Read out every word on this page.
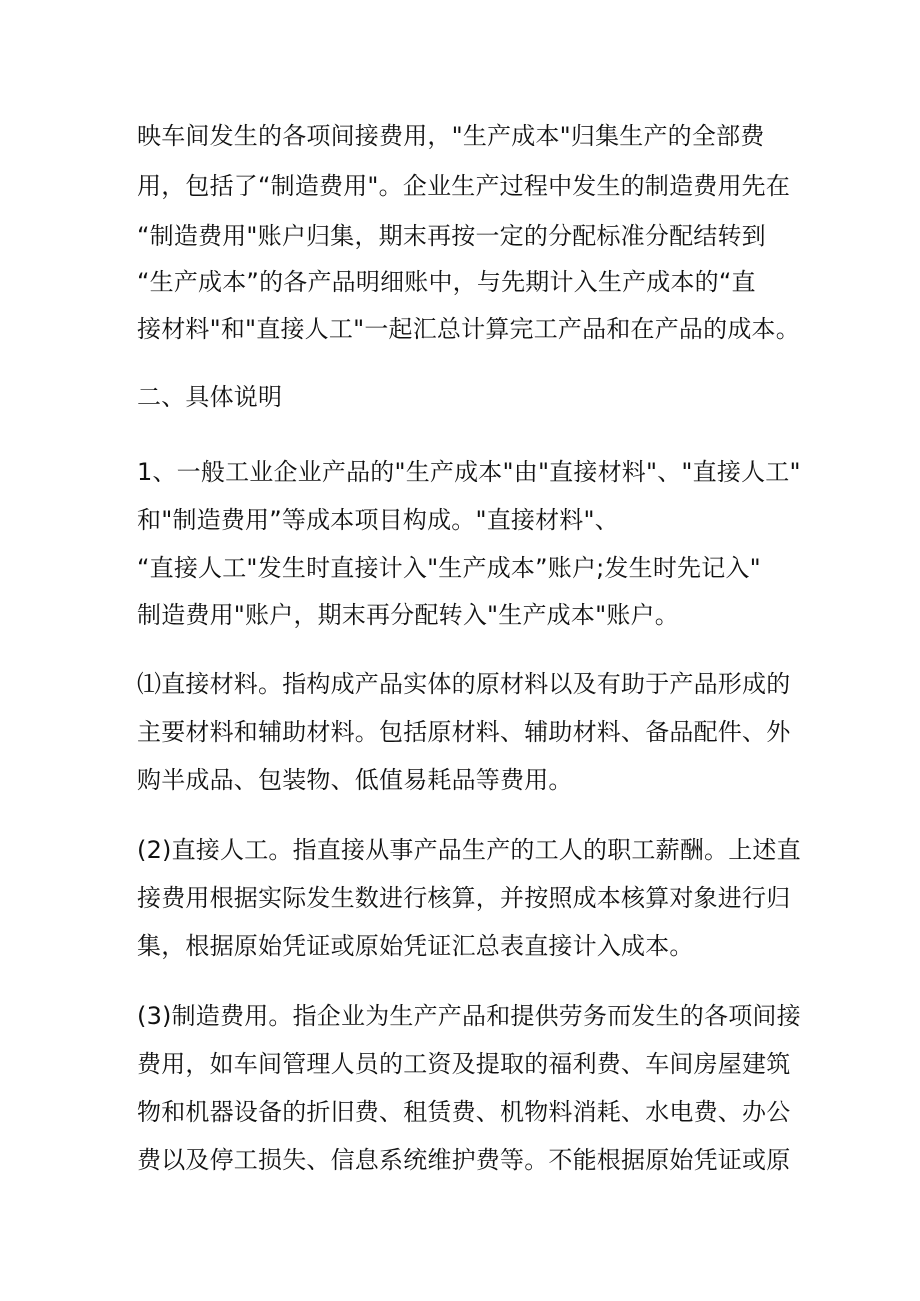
映车间发生的各项间接费用，"生产成本"归集生产的全部费

用，包括了“制造费用"。企业生产过程中发生的制造费用先在

“制造费用"账户归集，期末再按一定的分配标准分配结转到

“生产成本”的各产品明细账中，与先期计入生产成本的“直

接材料"和"直接人工"一起汇总计算完工产品和在产品的成本。

二、具体说明

1、一般工业企业产品的"生产成本"由"直接材料"、"直接人工"

和"制造费用”等成本项目构成。"直接材料"、

“直接人工"发生时直接计入"生产成本”账户;发生时先记入"

制造费用"账户，期末再分配转入"生产成本"账户。

⑴直接材料。指构成产品实体的原材料以及有助于产品形成的

主要材料和辅助材料。包括原材料、辅助材料、备品配件、外

购半成品、包装物、低值易耗品等费用。

(2)直接人工。指直接从事产品生产的工人的职工薪酬。上述直

接费用根据实际发生数进行核算，并按照成本核算对象进行归

集，根据原始凭证或原始凭证汇总表直接计入成本。

(3)制造费用。指企业为生产产品和提供劳务而发生的各项间接

费用，如车间管理人员的工资及提取的福利费、车间房屋建筑

物和机器设备的折旧费、租赁费、机物料消耗、水电费、办公

费以及停工损失、信息系统维护费等。不能根据原始凭证或原
